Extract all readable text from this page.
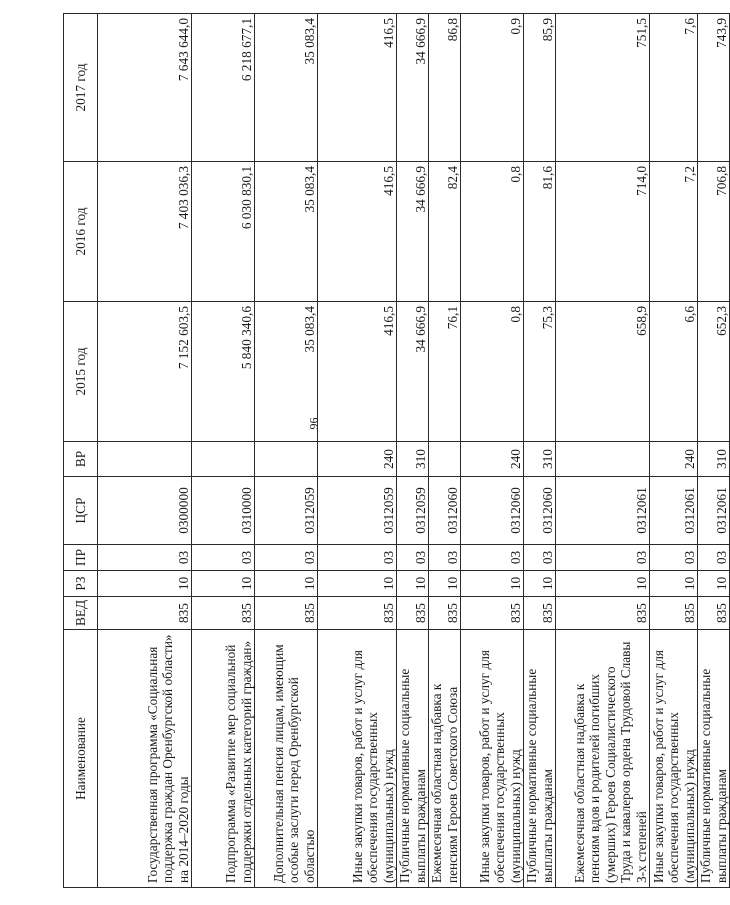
96
Наименование	ВЕД	РЗ	ПР	ЦСР	ВР	2015 год	2016 год	2017 год
Государственная программа «Социальная поддержка граждан Оренбургской области» на 2014–2020 годы	835	10	03	0300000		7 152 603,5	7 403 036,3	7 643 644,0
Подпрограмма «Развитие мер социальной поддержки отдельных категорий граждан»	835	10	03	0310000		5 840 340,6	6 030 830,1	6 218 677,1
Дополнительная пенсия лицам, имеющим особые заслуги перед Оренбургской областью	835	10	03	0312059		35 083,4	35 083,4	35 083,4
Иные закупки товаров, работ и услуг для обеспечения государственных (муниципальных) нужд	835	10	03	0312059	240	416,5	416,5	416,5
Публичные нормативные социальные выплаты гражданам	835	10	03	0312059	310	34 666,9	34 666,9	34 666,9
Ежемесячная областная надбавка к пенсиям Героев Советского Союза	835	10	03	0312060		76,1	82,4	86,8
Иные закупки товаров, работ и услуг для обеспечения государственных (муниципальных) нужд	835	10	03	0312060	240	0,8	0,8	0,9
Публичные нормативные социальные выплаты гражданам	835	10	03	0312060	310	75,3	81,6	85,9
Ежемесячная областная надбавка к пенсиям вдов и родителей погибших (умерших) Героев Социалистического Труда и кавалеров ордена Трудовой Славы 3-х степеней	835	10	03	0312061		658,9	714,0	751,5
Иные закупки товаров, работ и услуг для обеспечения государственных (муниципальных) нужд	835	10	03	0312061	240	6,6	7,2	7,6
Публичные нормативные социальные выплаты гражданам	835	10	03	0312061	310	652,3	706,8	743,9
